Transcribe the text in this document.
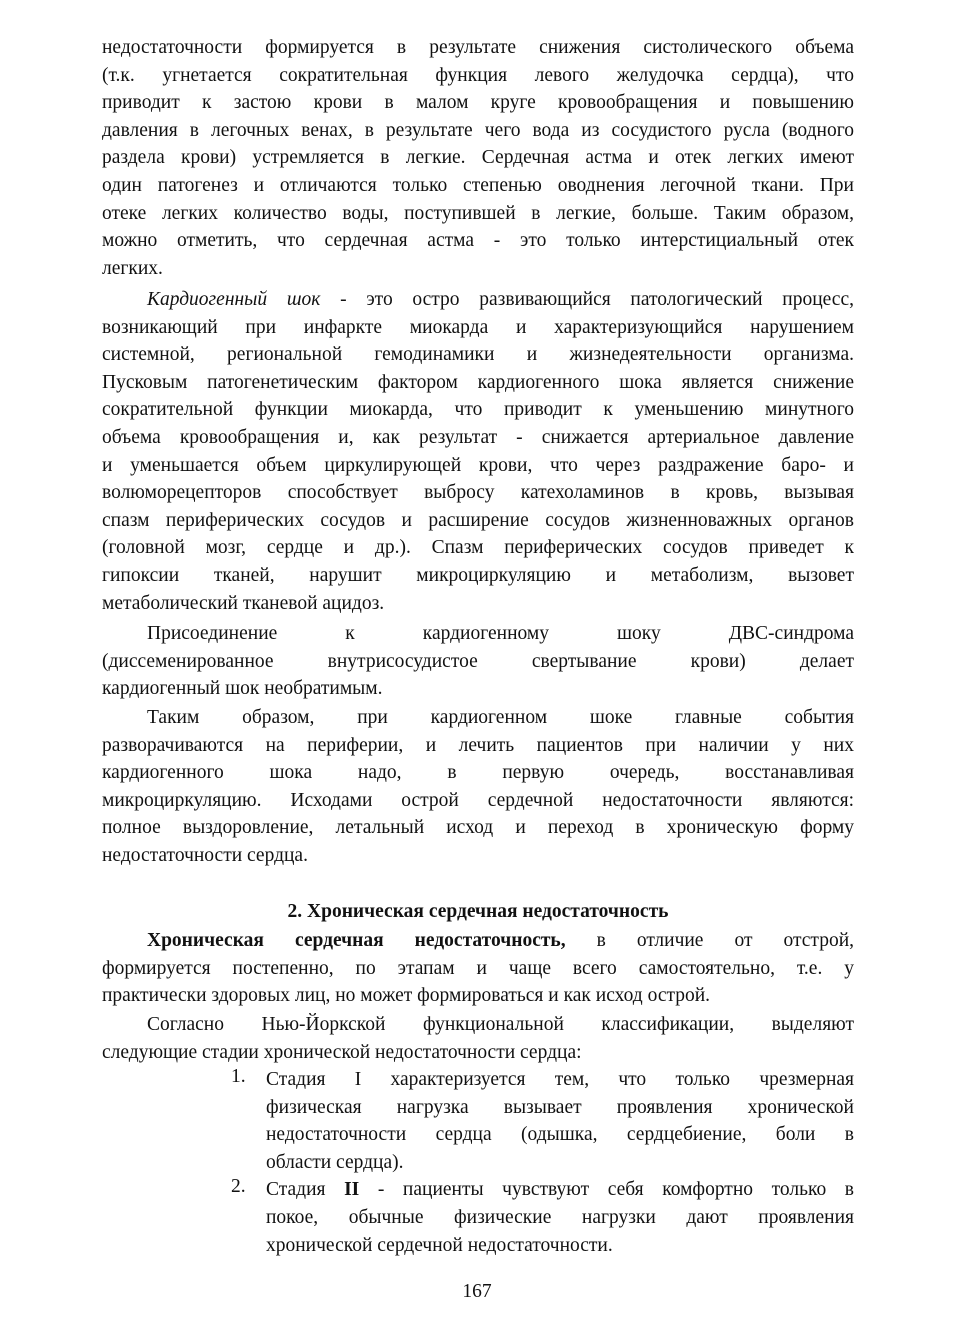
недостаточности формируется в результате снижения систолического объема
(т.к. угнетается сократительная функция левого желудочка сердца), что
приводит к застою крови в малом круге кровообращения и повышению
давления в легочных венах, в результате чего вода из сосудистого русла (водного
раздела крови) устремляется в легкие. Сердечная астма и отек легких имеют
один патогенез и отличаются только степенью оводнения легочной ткани. При
отеке легких количество воды, поступившей в легкие, больше. Таким образом,
можно отметить, что сердечная астма - это только интерстициальный отек
легких.

Кардиогенный шок - это остро развивающийся патологический процесс,
возникающий при инфаркте миокарда и характеризующийся нарушением
системной, региональной гемодинамики и жизнедеятельности организма.
Пусковым патогенетическим фактором кардиогенного шока является снижение
сократительной функции миокарда, что приводит к уменьшению минутного
объема кровообращения и, как результат - снижается артериальное давление
и уменьшается объем циркулирующей крови, что через раздражение баро- и
волюморецепторов способствует выбросу катехоламинов в кровь, вызывая
спазм периферических сосудов и расширение сосудов жизненноважных органов
(головной мозг, сердце и др.). Спазм периферических сосудов приведет к
гипоксии тканей, нарушит микроциркуляцию и метаболизм, вызовет
метаболический тканевой ацидоз.

Присоединение к кардиогенному шоку ДВС-синдрома
(диссеменированное внутрисосудистое свертывание крови) делает
кардиогенный шок необратимым.

Таким образом, при кардиогенном шоке главные события
разворачиваются на периферии, и лечить пациентов при наличии у них
кардиогенного шока надо, в первую очередь, восстанавливая
микроциркуляцию. Исходами острой сердечной недостаточности являются:
полное выздоровление, летальный исход и переход в хроническую форму
недостаточности сердца.

2. Хроническая сердечная недостаточность

Хроническая сердечная недостаточность, в отличие от отстрой,
формируется постепенно, по этапам и чаще всего самостоятельно, т.е. у
практически здоровых лиц, но может формироваться и как исход острой.

Согласно Нью-Йоркской функциональной классификации, выделяют
следующие стадии хронической недостаточности сердца:

1. Стадия I характеризуется тем, что только чрезмерная
физическая нагрузка вызывает проявления хронической
недостаточности сердца (одышка, сердцебиение, боли в
области сердца).

2. Стадия II - пациенты чувствуют себя комфортно только в
покое, обычные физические нагрузки дают проявления
хронической сердечной недостаточности.

167
